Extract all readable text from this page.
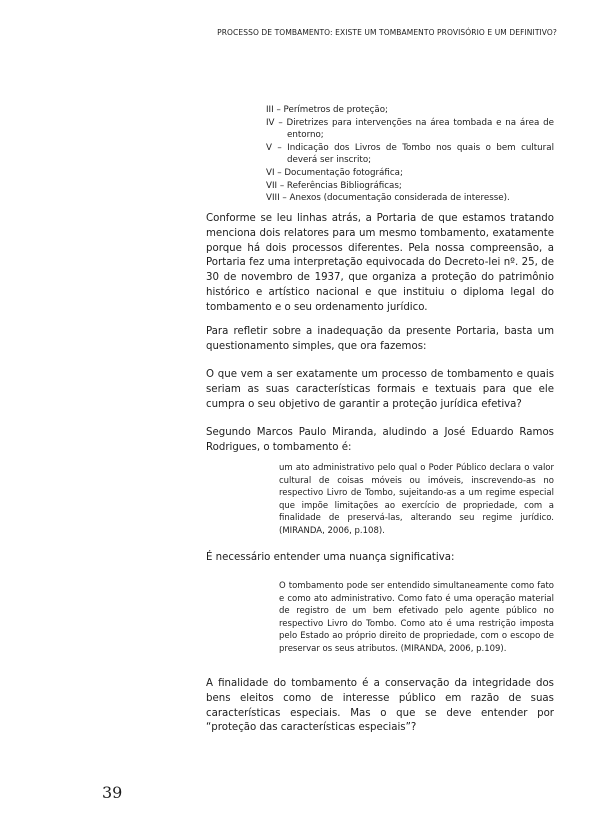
PROCESSO DE TOMBAMENTO: EXISTE UM TOMBAMENTO PROVISÓRIO E UM DEFINITIVO?
III – Perímetros de proteção;
IV – Diretrizes para intervenções na área tombada e na área de entorno;
V – Indicação dos Livros de Tombo nos quais o bem cultural deverá ser inscrito;
VI – Documentação fotográfica;
VII – Referências Bibliográficas;
VIII – Anexos (documentação considerada de interesse).

Conforme se leu linhas atrás, a Portaria de que estamos tratando menciona dois relatores para um mesmo tombamento, exatamente porque há dois processos diferentes. Pela nossa compreensão, a Portaria fez uma interpretação equivocada do Decreto-lei nº. 25, de 30 de novembro de 1937, que organiza a proteção do patrimônio histórico e artístico nacional e que instituiu o diploma legal do tombamento e o seu ordenamento jurídico.

Para refletir sobre a inadequação da presente Portaria, basta um questionamento simples, que ora fazemos:

O que vem a ser exatamente um processo de tombamento e quais seriam as suas características formais e textuais para que ele cumpra o seu objetivo de garantir a proteção jurídica efetiva?

Segundo Marcos Paulo Miranda, aludindo a José Eduardo Ramos Rodrigues, o tombamento é:

um ato administrativo pelo qual o Poder Público declara o valor cultural de coisas móveis ou imóveis, inscrevendo-as no respectivo Livro de Tombo, sujeitando-as a um regime especial que impõe limitações ao exercício de propriedade, com a finalidade de preservá-las, alterando seu regime jurídico. (MIRANDA, 2006, p.108).

É necessário entender uma nuança significativa:

O tombamento pode ser entendido simultaneamente como fato e como ato administrativo. Como fato é uma operação material de registro de um bem efetivado pelo agente público no respectivo Livro do Tombo. Como ato é uma restrição imposta pelo Estado ao próprio direito de propriedade, com o escopo de preservar os seus atributos. (MIRANDA, 2006, p.109).

A finalidade do tombamento é a conservação da integridade dos bens eleitos como de interesse público em razão de suas características especiais. Mas o que se deve entender por “proteção das características especiais”?

39
